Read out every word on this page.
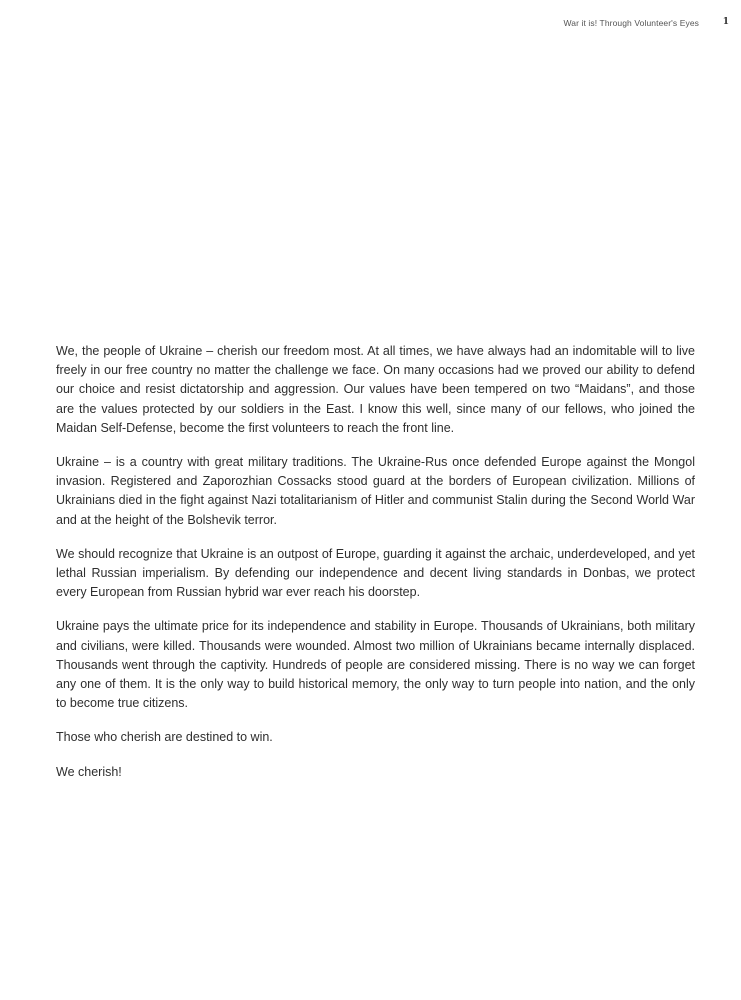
War it is! Through Volunteer's Eyes	1

We, the people of Ukraine – cherish our freedom most. At all times, we have always had an indomitable will to live freely in our free country no matter the challenge we face. On many occasions had we proved our ability to defend our choice and resist dictatorship and aggression. Our values have been tempered on two “Maidans”, and those are the values protected by our soldiers in the East. I know this well, since many of our fellows, who joined the Maidan Self-Defense, become the first volunteers to reach the front line.

Ukraine – is a country with great military traditions. The Ukraine-Rus once defended Europe against the Mongol invasion. Registered and Zaporozhian Cossacks stood guard at the borders of European civilization. Millions of Ukrainians died in the fight against Nazi totalitarianism of Hitler and communist Stalin during the Second World War and at the height of the Bolshevik terror.

We should recognize that Ukraine is an outpost of Europe, guarding it against the archaic, underdeveloped, and yet lethal Russian imperialism. By defending our independence and decent living standards in Donbas, we protect every European from Russian hybrid war ever reach his doorstep.

Ukraine pays the ultimate price for its independence and stability in Europe. Thousands of Ukrainians, both military and civilians, were killed. Thousands were wounded. Almost two million of Ukrainians became internally displaced. Thousands went through the captivity. Hundreds of people are considered missing. There is no way we can forget any one of them. It is the only way to build historical memory, the only way to turn people into nation, and the only to become true citizens.

Those who cherish are destined to win.

We cherish!
